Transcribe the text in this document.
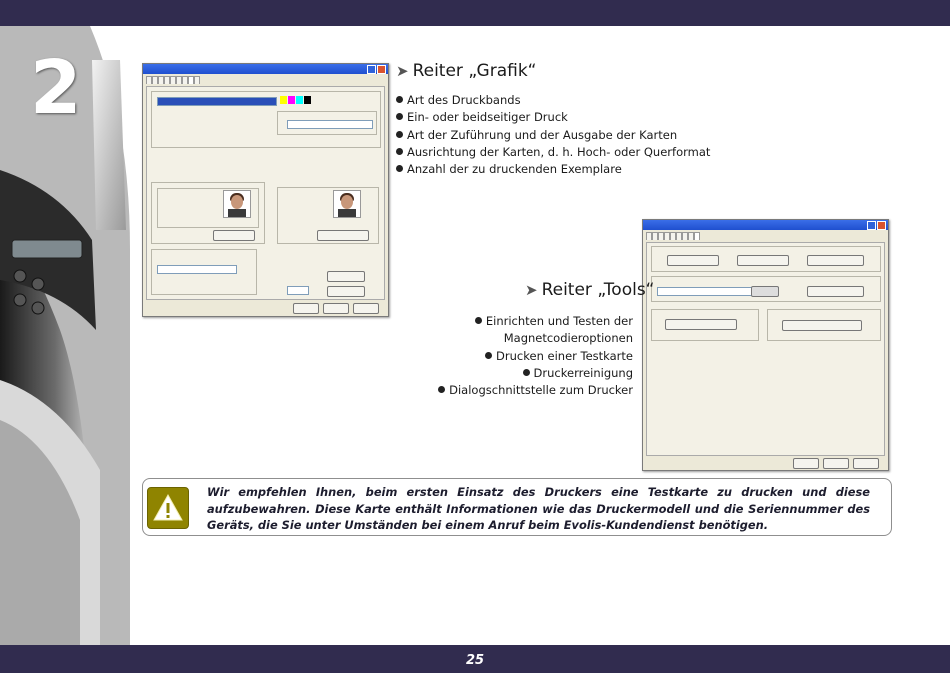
2	➤ Reiter „Grafik“
Art des Druckbands
Ein- oder beidseitiger Druck
Art der Zuführung und der Ausgabe der Karten
Ausrichtung der Karten, d. h. Hoch- oder Querformat
Anzahl der zu druckenden Exemplare
➤ Reiter „Tools“
Einrichten und Testen der
Magnetcodieroptionen
Drucken einer Testkarte
Druckerreinigung
Dialogschnittstelle zum Drucker
Wir empfehlen Ihnen, beim ersten Einsatz des Druckers eine Testkarte zu drucken und diese aufzubewahren. Diese Karte enthält Informationen wie das Druckermodell und die Seriennummer des Geräts, die Sie unter Umständen bei einem Anruf beim Evolis-Kundendienst benötigen.
25
